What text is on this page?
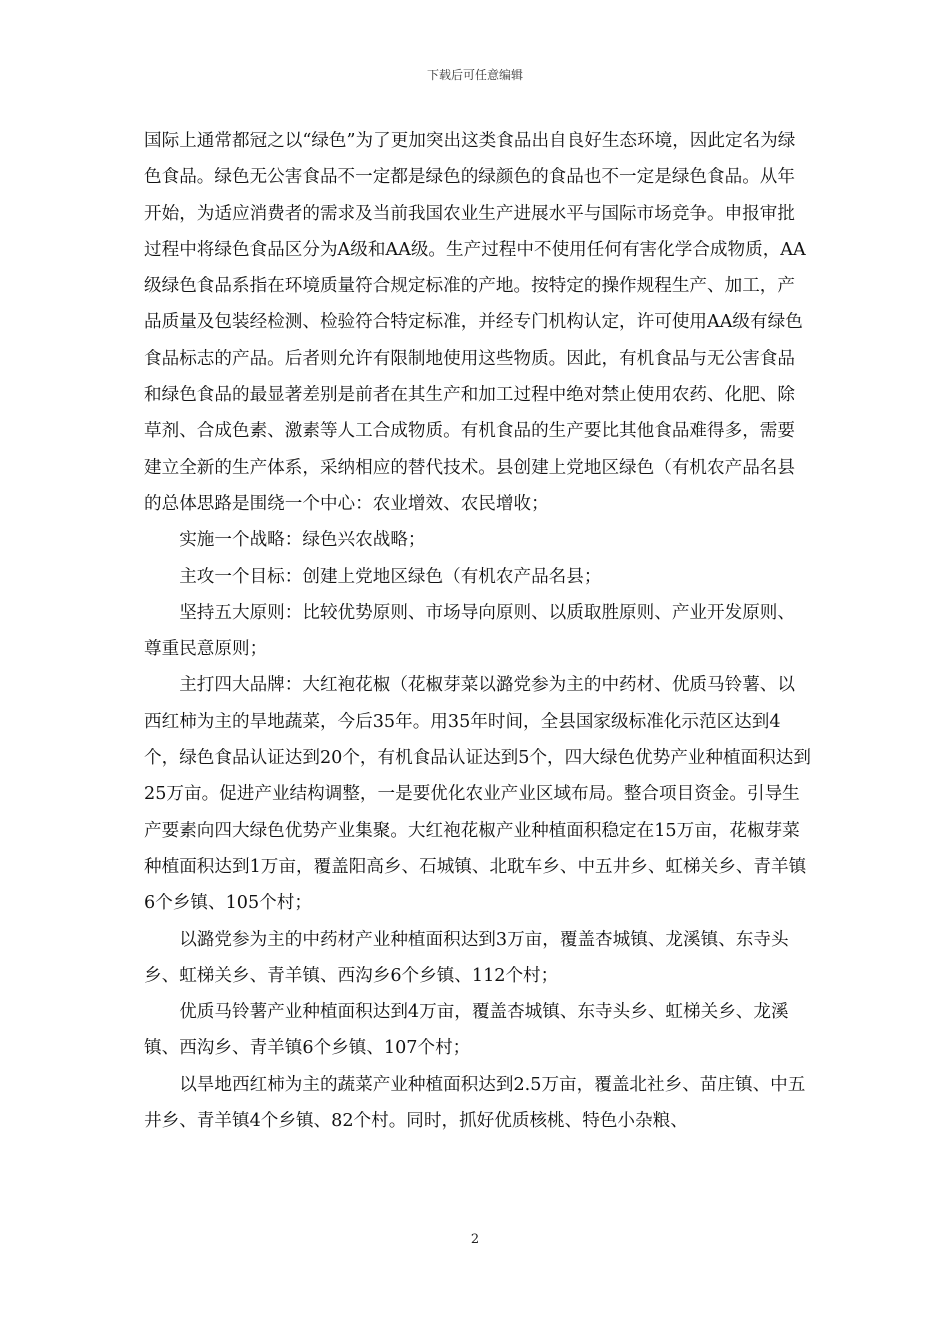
下载后可任意编辑

国际上通常都冠之以“绿色”为了更加突出这类食品出自良好生态环境，因此定名为绿色食品。绿色无公害食品不一定都是绿色的绿颜色的食品也不一定是绿色食品。从年开始，为适应消费者的需求及当前我国农业生产进展水平与国际市场竞争。申报审批过程中将绿色食品区分为A级和AA级。生产过程中不使用任何有害化学合成物质，AA级绿色食品系指在环境质量符合规定标准的产地。按特定的操作规程生产、加工，产品质量及包装经检测、检验符合特定标准，并经专门机构认定，许可使用AA级有绿色食品标志的产品。后者则允许有限制地使用这些物质。因此，有机食品与无公害食品和绿色食品的最显著差别是前者在其生产和加工过程中绝对禁止使用农药、化肥、除草剂、合成色素、激素等人工合成物质。有机食品的生产要比其他食品难得多，需要建立全新的生产体系，采纳相应的替代技术。县创建上党地区绿色（有机农产品名县的总体思路是围绕一个中心：农业增效、农民增收；

实施一个战略：绿色兴农战略；

主攻一个目标：创建上党地区绿色（有机农产品名县；

坚持五大原则：比较优势原则、市场导向原则、以质取胜原则、产业开发原则、尊重民意原则；

主打四大品牌：大红袍花椒（花椒芽菜以潞党参为主的中药材、优质马铃薯、以西红柿为主的旱地蔬菜，今后35年。用35年时间，全县国家级标准化示范区达到4个，绿色食品认证达到20个，有机食品认证达到5个，四大绿色优势产业种植面积达到25万亩。促进产业结构调整，一是要优化农业产业区域布局。整合项目资金。引导生产要素向四大绿色优势产业集聚。大红袍花椒产业种植面积稳定在15万亩，花椒芽菜种植面积达到1万亩，覆盖阳高乡、石城镇、北耽车乡、中五井乡、虹梯关乡、青羊镇6个乡镇、105个村；

以潞党参为主的中药材产业种植面积达到3万亩，覆盖杏城镇、龙溪镇、东寺头乡、虹梯关乡、青羊镇、西沟乡6个乡镇、112个村；

优质马铃薯产业种植面积达到4万亩，覆盖杏城镇、东寺头乡、虹梯关乡、龙溪镇、西沟乡、青羊镇6个乡镇、107个村；

以旱地西红柿为主的蔬菜产业种植面积达到2.5万亩，覆盖北社乡、苗庄镇、中五井乡、青羊镇4个乡镇、82个村。同时，抓好优质核桃、特色小杂粮、

2
